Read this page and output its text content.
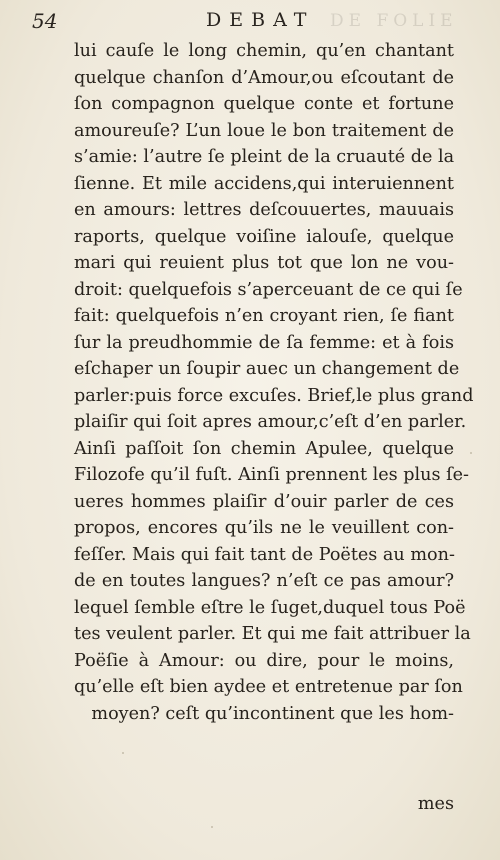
54	DEBAT DE FOLIE
lui cauſe le long chemin, qu’en chantant
quelque chanſon d’Amour,ou eſcoutant de
ſon compagnon quelque conte et fortune
amoureuſe? L’un loue le bon traitement de
s’amie: l’autre ſe pleint de la cruauté de la
ſienne. Et mile accidens,qui interuiennent
en amours: lettres deſcouuertes, mauuais
raports, quelque voiſine ialouſe, quelque
mari qui reuient plus tot que lon ne vou-
droit: quelquefois s’aperceuant de ce qui ſe
fait: quelquefois n’en croyant rien, ſe fiant
ſur la preudhommie de ſa femme: et à fois
eſchaper un ſoupir auec un changement de
parler:puis force excuſes. Brief,le plus grand
plaiſir qui ſoit apres amour,c’eſt d’en parler.
Ainſi paſſoit ſon chemin Apulee, quelque
Filozofe qu’il fuſt. Ainſi prennent les plus ſe-
ueres hommes plaiſir d’ouir parler de ces
propos, encores qu’ils ne le veuillent con-
feſſer. Mais qui fait tant de Poëtes au mon-
de en toutes langues? n’eſt ce pas amour?
lequel ſemble eſtre le ſuget,duquel tous Poë
tes veulent parler. Et qui me fait attribuer la
Poëſie à Amour: ou dire, pour le moins,
qu’elle eſt bien aydee et entretenue par ſon
moyen? ceſt qu’incontinent que les hom-
mes
